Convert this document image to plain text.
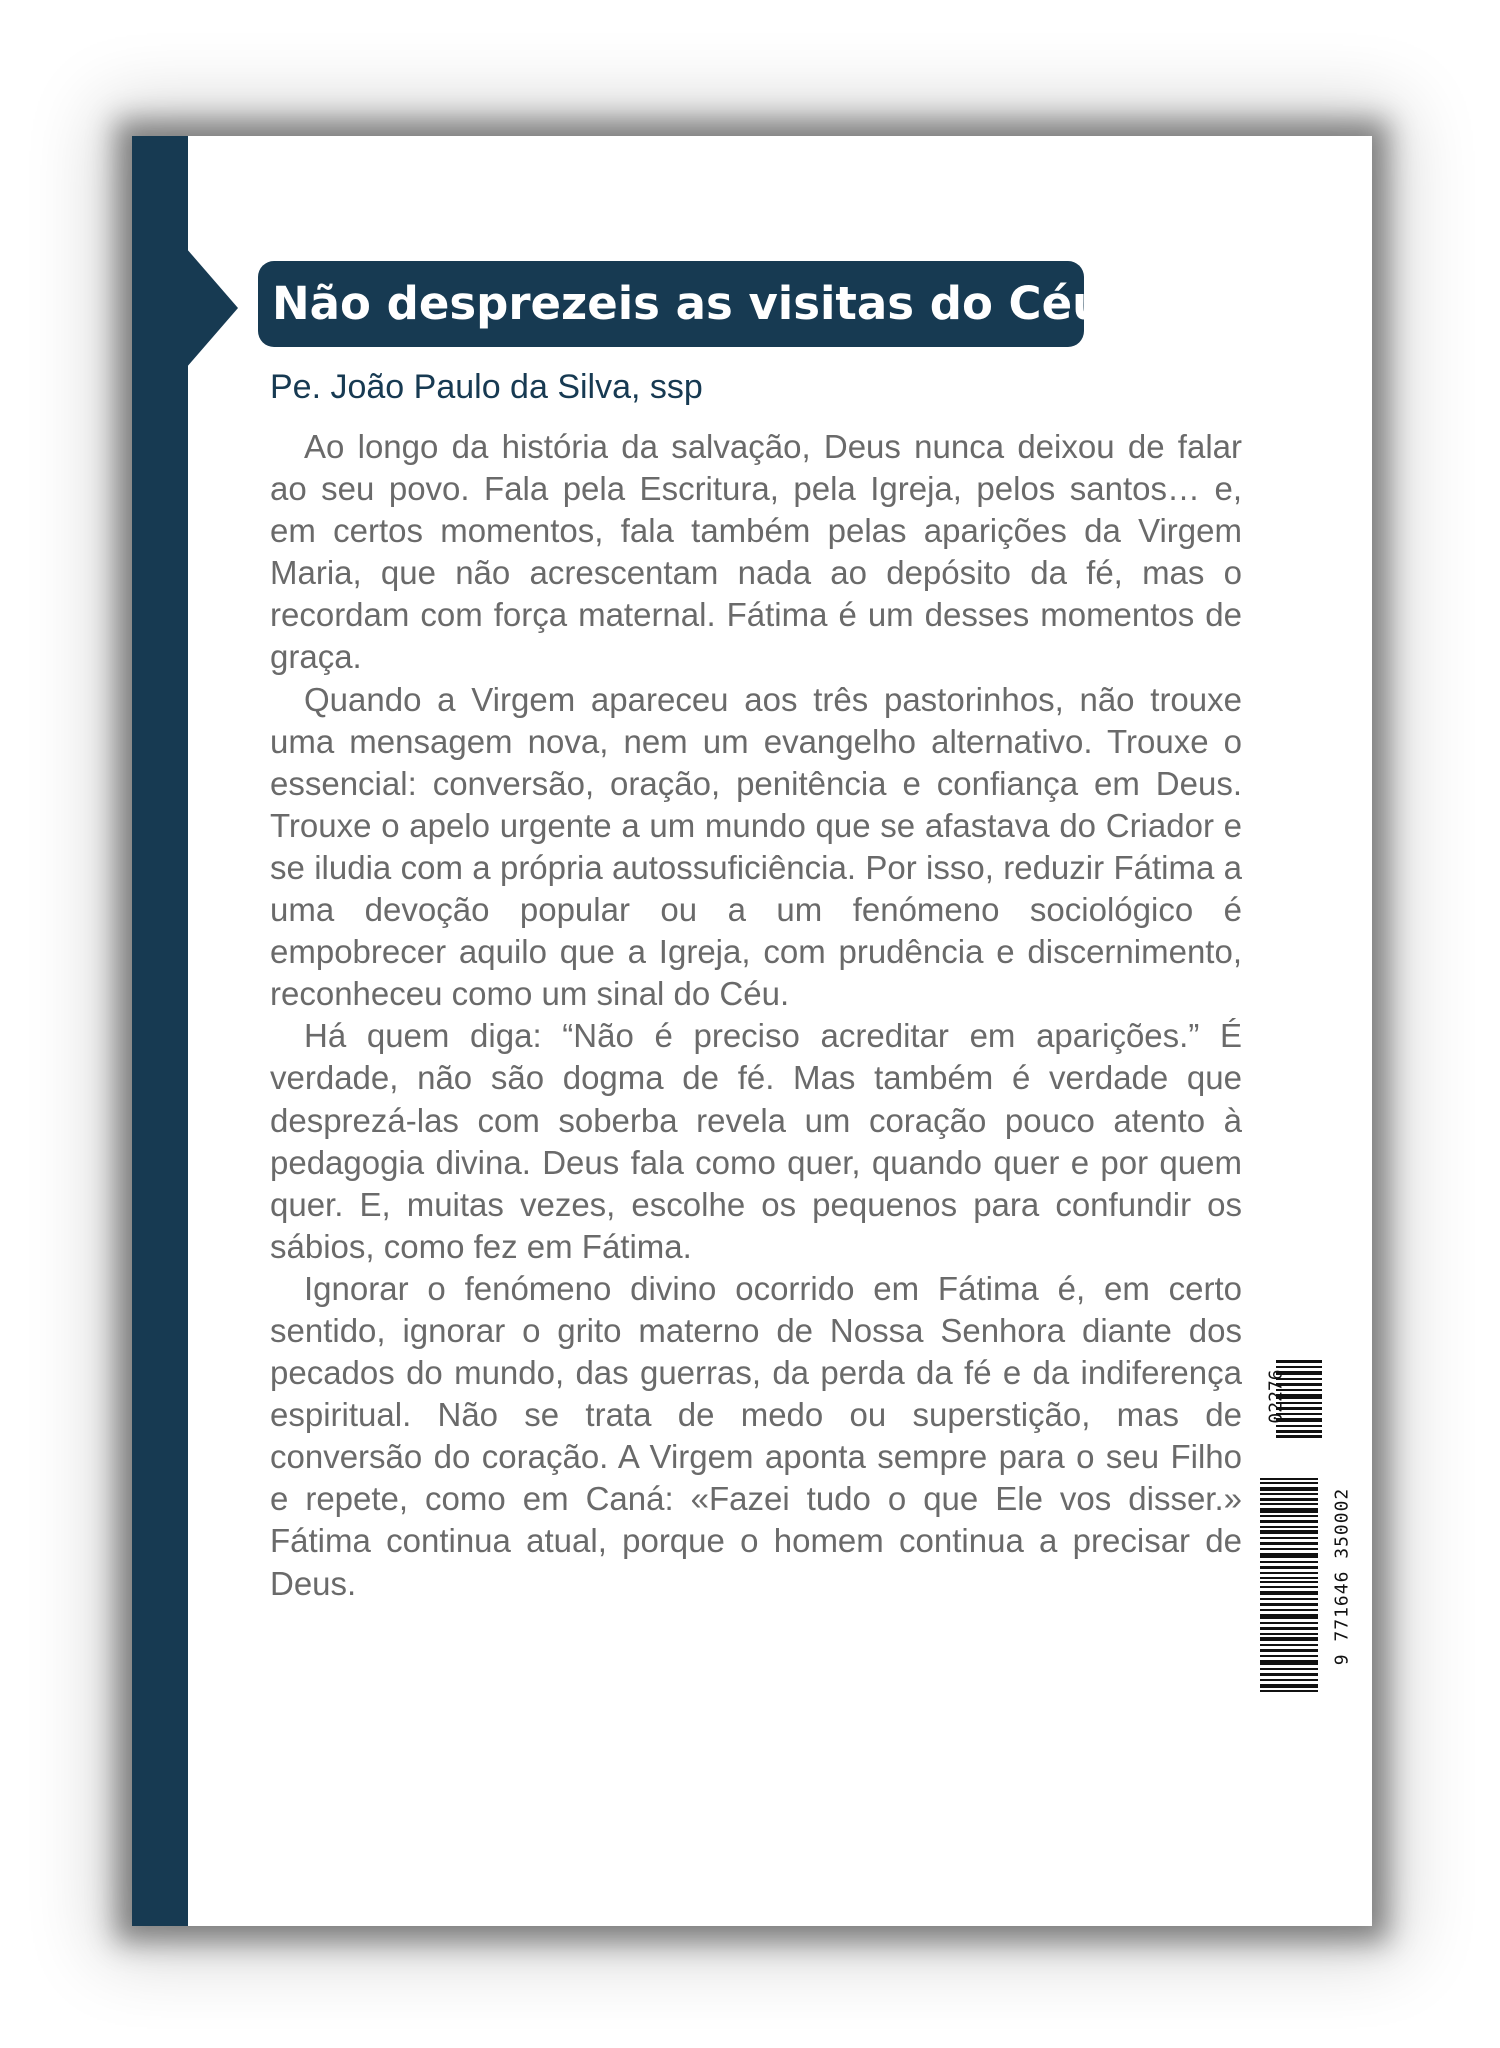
Não desprezeis as visitas do Céu
Pe. João Paulo da Silva, ssp

Ao longo da história da salvação, Deus nunca deixou de falar ao seu povo. Fala pela Escritura, pela Igreja, pelos santos… e, em certos momentos, fala também pelas aparições da Virgem Maria, que não acrescentam nada ao depósito da fé, mas o recordam com força maternal. Fátima é um desses momentos de graça.

Quando a Virgem apareceu aos três pastorinhos, não trouxe uma mensagem nova, nem um evangelho alternativo. Trouxe o essencial: conversão, oração, penitência e confiança em Deus. Trouxe o apelo urgente a um mundo que se afastava do Criador e se iludia com a própria autossuficiência. Por isso, reduzir Fátima a uma devoção popular ou a um fenómeno sociológico é empobrecer aquilo que a Igreja, com prudência e discernimento, reconheceu como um sinal do Céu.

Há quem diga: “Não é preciso acreditar em aparições.” É verdade, não são dogma de fé. Mas também é verdade que desprezá-las com soberba revela um coração pouco atento à pedagogia divina. Deus fala como quer, quando quer e por quem quer. E, muitas vezes, escolhe os pequenos para confundir os sábios, como fez em Fátima.

Ignorar o fenómeno divino ocorrido em Fátima é, em certo sentido, ignorar o grito materno de Nossa Senhora diante dos pecados do mundo, das guerras, da perda da fé e da indiferença espiritual. Não se trata de medo ou superstição, mas de conversão do coração. A Virgem aponta sempre para o seu Filho e repete, como em Caná: «Fazei tudo o que Ele vos disser.» Fátima continua atual, porque o homem continua a precisar de Deus.

02276
9 771646 350002
